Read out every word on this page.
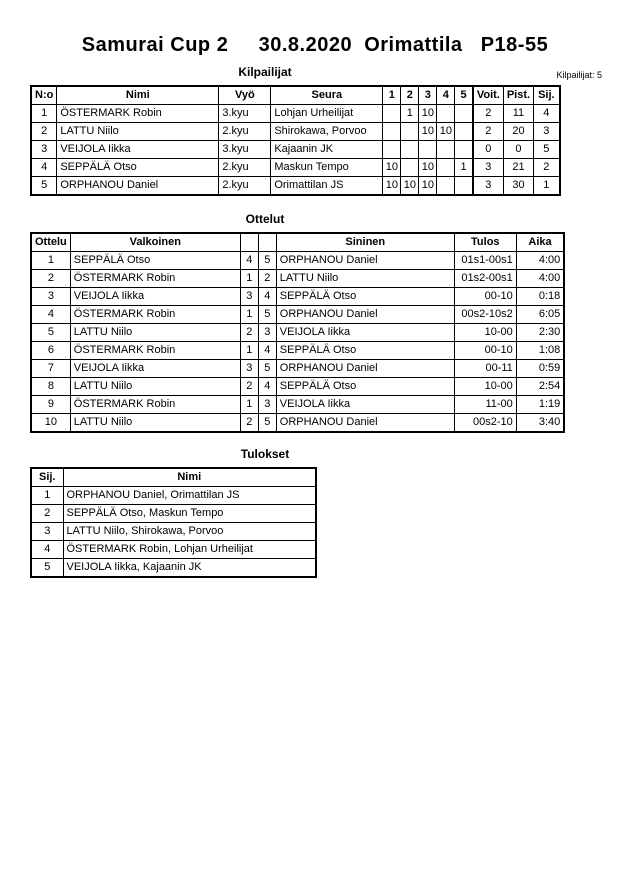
Samurai Cup 2     30.8.2020  Orimattila   P18-55
Kilpailijat: 5
Kilpailijat
N:o	Nimi	Vyö	Seura	1	2	3	4	5	Voit.	Pist.	Sij.
1	ÖSTERMARK Robin	3.kyu	Lohjan Urheilijat		1	10			2	11	4
2	LATTU Niilo	2.kyu	Shirokawa, Porvoo			10	10		2	20	3
3	VEIJOLA Iikka	3.kyu	Kajaanin JK						0	0	5
4	SEPPÄLÄ Otso	2.kyu	Maskun Tempo	10		10		1	3	21	2
5	ORPHANOU Daniel	2.kyu	Orimattilan JS	10	10	10			3	30	1
Ottelut
Ottelu	Valkoinen			Sininen	Tulos	Aika
1	SEPPÄLÄ Otso	4	5	ORPHANOU Daniel	01s1-00s1	4:00
2	ÖSTERMARK Robin	1	2	LATTU Niilo	01s2-00s1	4:00
3	VEIJOLA Iikka	3	4	SEPPÄLÄ Otso	00-10	0:18
4	ÖSTERMARK Robin	1	5	ORPHANOU Daniel	00s2-10s2	6:05
5	LATTU Niilo	2	3	VEIJOLA Iikka	10-00	2:30
6	ÖSTERMARK Robin	1	4	SEPPÄLÄ Otso	00-10	1:08
7	VEIJOLA Iikka	3	5	ORPHANOU Daniel	00-11	0:59
8	LATTU Niilo	2	4	SEPPÄLÄ Otso	10-00	2:54
9	ÖSTERMARK Robin	1	3	VEIJOLA Iikka	11-00	1:19
10	LATTU Niilo	2	5	ORPHANOU Daniel	00s2-10	3:40
Tulokset
Sij.	Nimi
1	ORPHANOU Daniel, Orimattilan JS
2	SEPPÄLÄ Otso, Maskun Tempo
3	LATTU Niilo, Shirokawa, Porvoo
4	ÖSTERMARK Robin, Lohjan Urheilijat
5	VEIJOLA Iikka, Kajaanin JK
